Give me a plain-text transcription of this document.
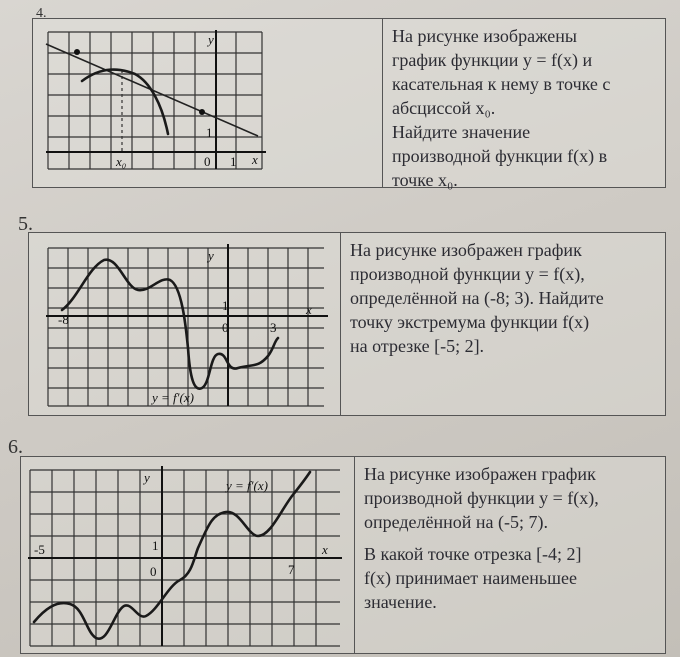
4.
y
x
1
0
1
x₀

На рисунке изображены

график функции y = f(x) и

касательная к нему в точке с

абсциссой x₀.

Найдите значение

производной функции f(x) в

точке x₀.

5.
y
x
1
0
-8
3
y = f′(x)

На рисунке изображен график

производной функции y = f(x),

определённой на (-8; 3). Найдите

точку экстремума функции f(x)

на отрезке [-5; 2].

6.
y
x
1
0
-5
7
y = f′(x)

На рисунке изображен график

производной функции y = f(x),

определённой на (-5; 7).

В какой точке отрезка [-4; 2]

f(x) принимает наименьшее

значение.
